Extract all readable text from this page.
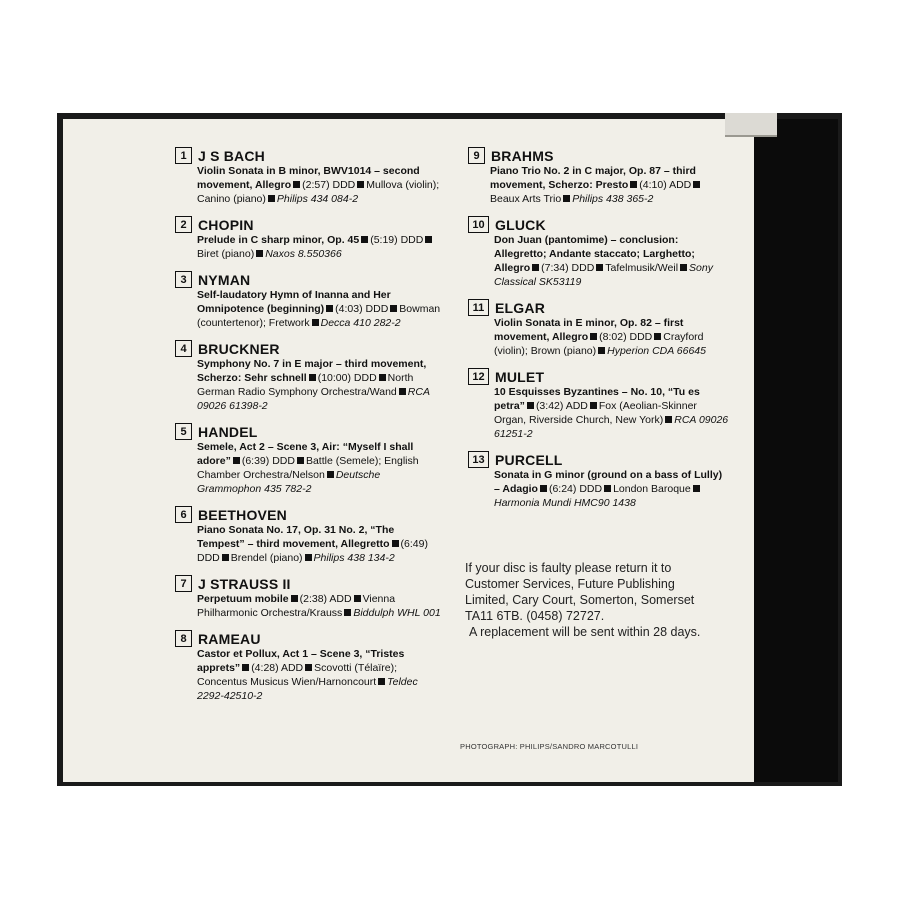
1 J S BACH
Violin Sonata in B minor, BWV1014 – second movement, Allegro (2:57) DDD Mullova (violin); Canino (piano) Philips 434 084-2
2 CHOPIN
Prelude in C sharp minor, Op. 45 (5:19) DDDBiret (piano) Naxos 8.550366
3 NYMAN
Self-laudatory Hymn of Inanna and Her Omnipotence (beginning) (4:03) DDD Bowman (countertenor); Fretwork Decca 410 282-2
4 BRUCKNER
Symphony No. 7 in E major – third movement, Scherzo: Sehr schnell (10:00) DDD North German Radio Symphony Orchestra/Wand RCA 09026 61398-2
5 HANDEL
Semele, Act 2 – Scene 3, Air: “Myself I shall adore” (6:39) DDD Battle (Semele); English Chamber Orchestra/Nelson Deutsche Grammophon 435 782-2
6 BEETHOVEN
Piano Sonata No. 17, Op. 31 No. 2, “The Tempest” – third movement, Allegretto (6:49) DDD Brendel (piano) Philips 438 134-2
7 J STRAUSS II
Perpetuum mobile (2:38) ADD Vienna Philharmonic Orchestra/Krauss Biddulph WHL 001
8 RAMEAU
Castor et Pollux, Act 1 – Scene 3, “Tristes apprets” (4:28) ADD Scovotti (Télaïre); Concentus Musicus Wien/Harnoncourt Teldec 2292-42510-2
9 BRAHMS
Piano Trio No. 2 in C major, Op. 87 – third movement, Scherzo: Presto (4:10) ADDBeaux Arts Trio Philips 438 365-2
10 GLUCK
Don Juan (pantomime) – conclusion: Allegretto; Andante staccato; Larghetto; Allegro (7:34) DDD Tafelmusik/Weil Sony Classical SK53119
11 ELGAR
Violin Sonata in E minor, Op. 82 – first movement, Allegro (8:02) DDD Crayford (violin); Brown (piano) Hyperion CDA 66645
12 MULET
10 Esquisses Byzantines – No. 10, “Tu es petra” (3:42) ADD Fox (Aeolian-Skinner Organ, Riverside Church, New York) RCA 09026 61251-2
13 PURCELL
Sonata in G minor (ground on a bass of Lully) – Adagio (6:24) DDD London BaroqueHarmonia Mundi HMC90 1438

If your disc is faulty please return it to

Customer Services, Future Publishing

Limited, Cary Court, Somerton, Somerset

TA11 6TB. (0458) 72727.

A replacement will be sent within 28 days.

PHOTOGRAPH: PHILIPS/SANDRO MARCOTULLI
